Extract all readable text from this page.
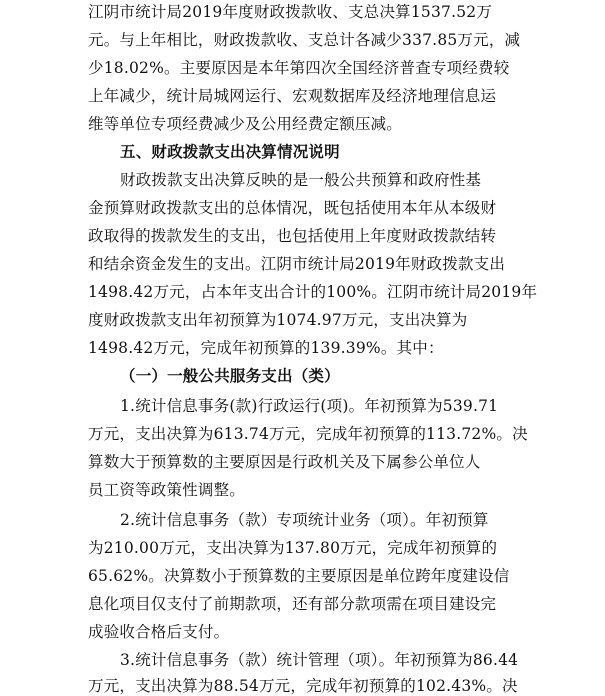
江阴市统计局2019年度财政拨款收、支总决算1537.52万
元。与上年相比，财政拨款收、支总计各减少337.85万元，减
少18.02%。主要原因是本年第四次全国经济普查专项经费较
上年减少，统计局城网运行、宏观数据库及经济地理信息运
维等单位专项经费减少及公用经费定额压减。
五、财政拨款支出决算情况说明
财政拨款支出决算反映的是一般公共预算和政府性基
金预算财政拨款支出的总体情况，既包括使用本年从本级财
政取得的拨款发生的支出，也包括使用上年度财政拨款结转
和结余资金发生的支出。江阴市统计局2019年财政拨款支出
1498.42万元，占本年支出合计的100%。江阴市统计局2019年
度财政拨款支出年初预算为1074.97万元，支出决算为
1498.42万元，完成年初预算的139.39%。其中：
（一）一般公共服务支出（类）
1.统计信息事务(款)行政运行(项)。年初预算为539.71
万元，支出决算为613.74万元，完成年初预算的113.72%。决
算数大于预算数的主要原因是行政机关及下属参公单位人
员工资等政策性调整。
2.统计信息事务（款）专项统计业务（项）。年初预算
为210.00万元，支出决算为137.80万元，完成年初预算的
65.62%。决算数小于预算数的主要原因是单位跨年度建设信
息化项目仅支付了前期款项，还有部分款项需在项目建设完
成验收合格后支付。
3.统计信息事务（款）统计管理（项）。年初预算为86.44
万元，支出决算为88.54万元，完成年初预算的102.43%。决
